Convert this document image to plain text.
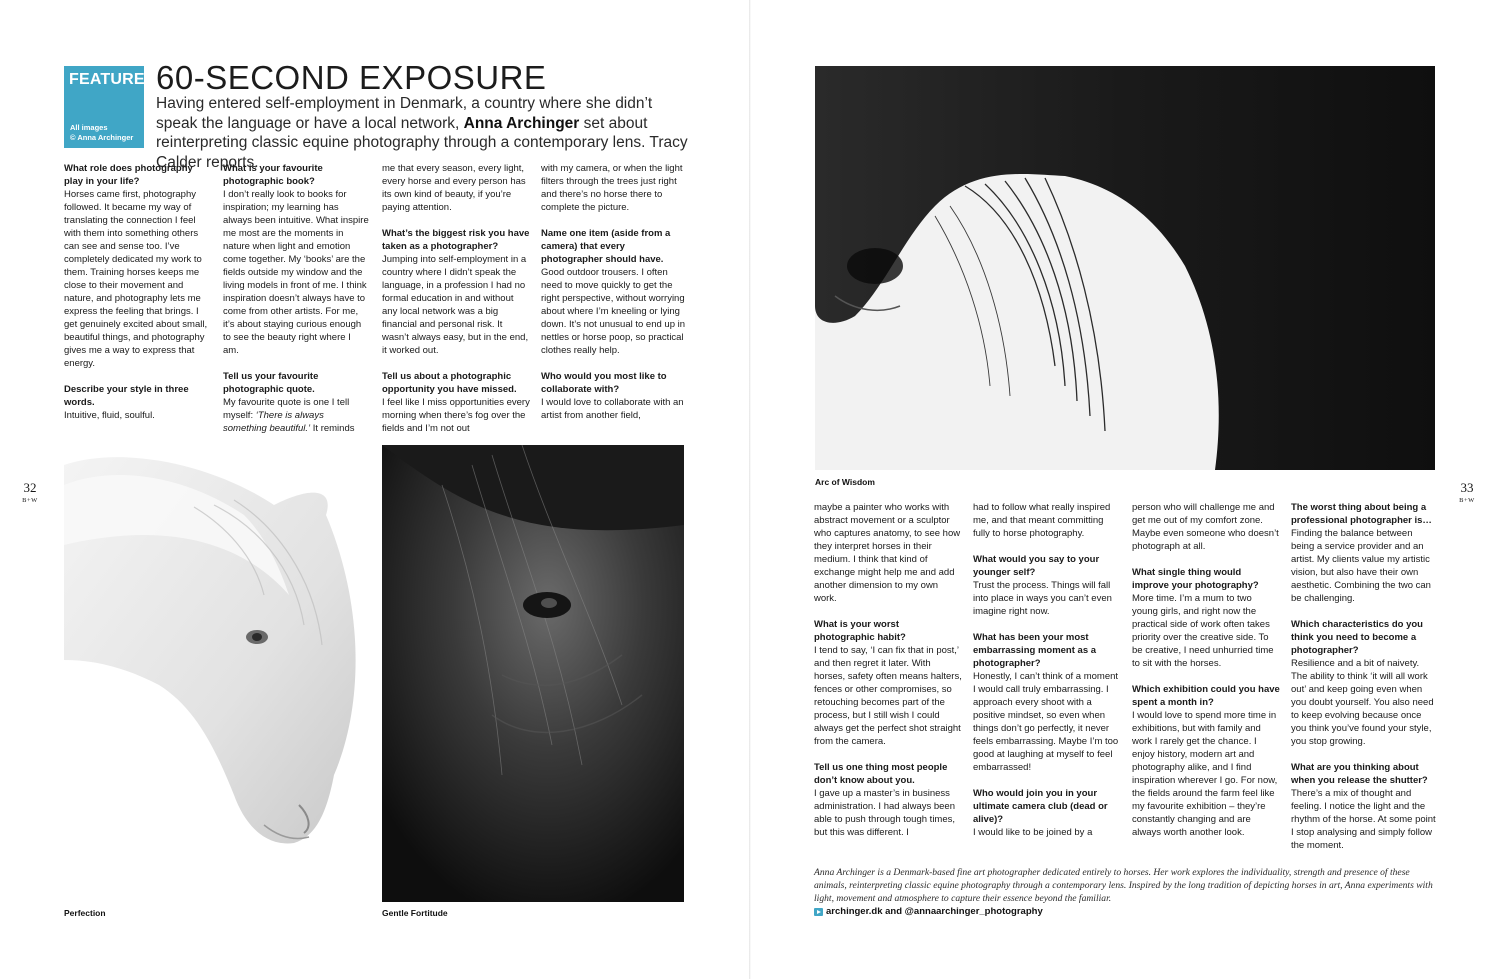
FEATURE
All images
© Anna Archinger
60-SECOND EXPOSURE

Having entered self-employment in Denmark, a country where she didn’t speak the language or have a local network, Anna Archinger set about reinterpreting classic equine photography through a contemporary lens. Tracy Calder reports.

What role does photography play in your life?
Horses came first, photography followed. It became my way of translating the connection I feel with them into something others can see and sense too. I’ve completely dedicated my work to them. Training horses keeps me close to their movement and nature, and photography lets me express the feeling that brings. I get genuinely excited about small, beautiful things, and photography gives me a way to express that energy.
Describe your style in three words.
Intuitive, fluid, soulful.
What is your favourite photographic book?
I don’t really look to books for inspiration; my learning has always been intuitive. What inspire me most are the moments in nature when light and emotion come together. My ‘books’ are the fields outside my window and the living models in front of me. I think inspiration doesn’t always have to come from other artists. For me, it’s about staying curious enough to see the beauty right where I am.
Tell us your favourite photographic quote.
My favourite quote is one I tell myself: ‘There is always something beautiful.’ It reminds
me that every season, every light, every horse and every person has its own kind of beauty, if you’re paying attention.
What’s the biggest risk you have taken as a photographer?
Jumping into self-employment in a country where I didn’t speak the language, in a profession I had no formal education in and without any local network was a big financial and personal risk. It wasn’t always easy, but in the end, it worked out.
Tell us about a photographic opportunity you have missed.
I feel like I miss opportunities every morning when there’s fog over the fields and I’m not out
with my camera, or when the light filters through the trees just right and there’s no horse there to complete the picture.
Name one item (aside from a camera) that every photographer should have.
Good outdoor trousers. I often need to move quickly to get the right perspective, without worrying about where I’m kneeling or lying down. It’s not unusual to end up in nettles or horse poop, so practical clothes really help.
Who would you most like to collaborate with?
I would love to collaborate with an artist from another field,
32
B+W
Perfection	Gentle Fortitude
Arc of Wisdom
maybe a painter who works with abstract movement or a sculptor who captures anatomy, to see how they interpret horses in their medium. I think that kind of exchange might help me and add another dimension to my own work.
What is your worst photographic habit?
I tend to say, ‘I can fix that in post,’ and then regret it later. With horses, safety often means halters, fences or other compromises, so retouching becomes part of the process, but I still wish I could always get the perfect shot straight from the camera.
Tell us one thing most people don’t know about you.
I gave up a master’s in business administration. I had always been able to push through tough times, but this was different. I
had to follow what really inspired me, and that meant committing fully to horse photography.
What would you say to your younger self?
Trust the process. Things will fall into place in ways you can’t even imagine right now.
What has been your most embarrassing moment as a photographer?
Honestly, I can’t think of a moment I would call truly embarrassing. I approach every shoot with a positive mindset, so even when things don’t go perfectly, it never feels embarrassing. Maybe I’m too good at laughing at myself to feel embarrassed!
Who would join you in your ultimate camera club (dead or alive)?
I would like to be joined by a
person who will challenge me and get me out of my comfort zone. Maybe even someone who doesn’t photograph at all.
What single thing would improve your photography?
More time. I’m a mum to two young girls, and right now the practical side of work often takes priority over the creative side. To be creative, I need unhurried time to sit with the horses.
Which exhibition could you have spent a month in?
I would love to spend more time in exhibitions, but with family and work I rarely get the chance. I enjoy history, modern art and photography alike, and I find inspiration wherever I go. For now, the fields around the farm feel like my favourite exhibition – they’re constantly changing and are always worth another look.
The worst thing about being a professional photographer is…
Finding the balance between being a service provider and an artist. My clients value my artistic vision, but also have their own aesthetic. Combining the two can be challenging.
Which characteristics do you think you need to become a photographer?
Resilience and a bit of naivety. The ability to think ‘it will all work out’ and keep going even when you doubt yourself. You also need to keep evolving because once you think you’ve found your style, you stop growing.
What are you thinking about when you release the shutter?
There’s a mix of thought and feeling. I notice the light and the rhythm of the horse. At some point I stop analysing and simply follow the moment.
33
B+W

Anna Archinger is a Denmark-based fine art photographer dedicated entirely to horses. Her work explores the individuality, strength and presence of these animals, reinterpreting classic equine photography through a contemporary lens. Inspired by the long tradition of depicting horses in art, Anna experiments with light, movement and atmosphere to capture their essence beyond the familiar.

archinger.dk and @annaarchinger_photography
